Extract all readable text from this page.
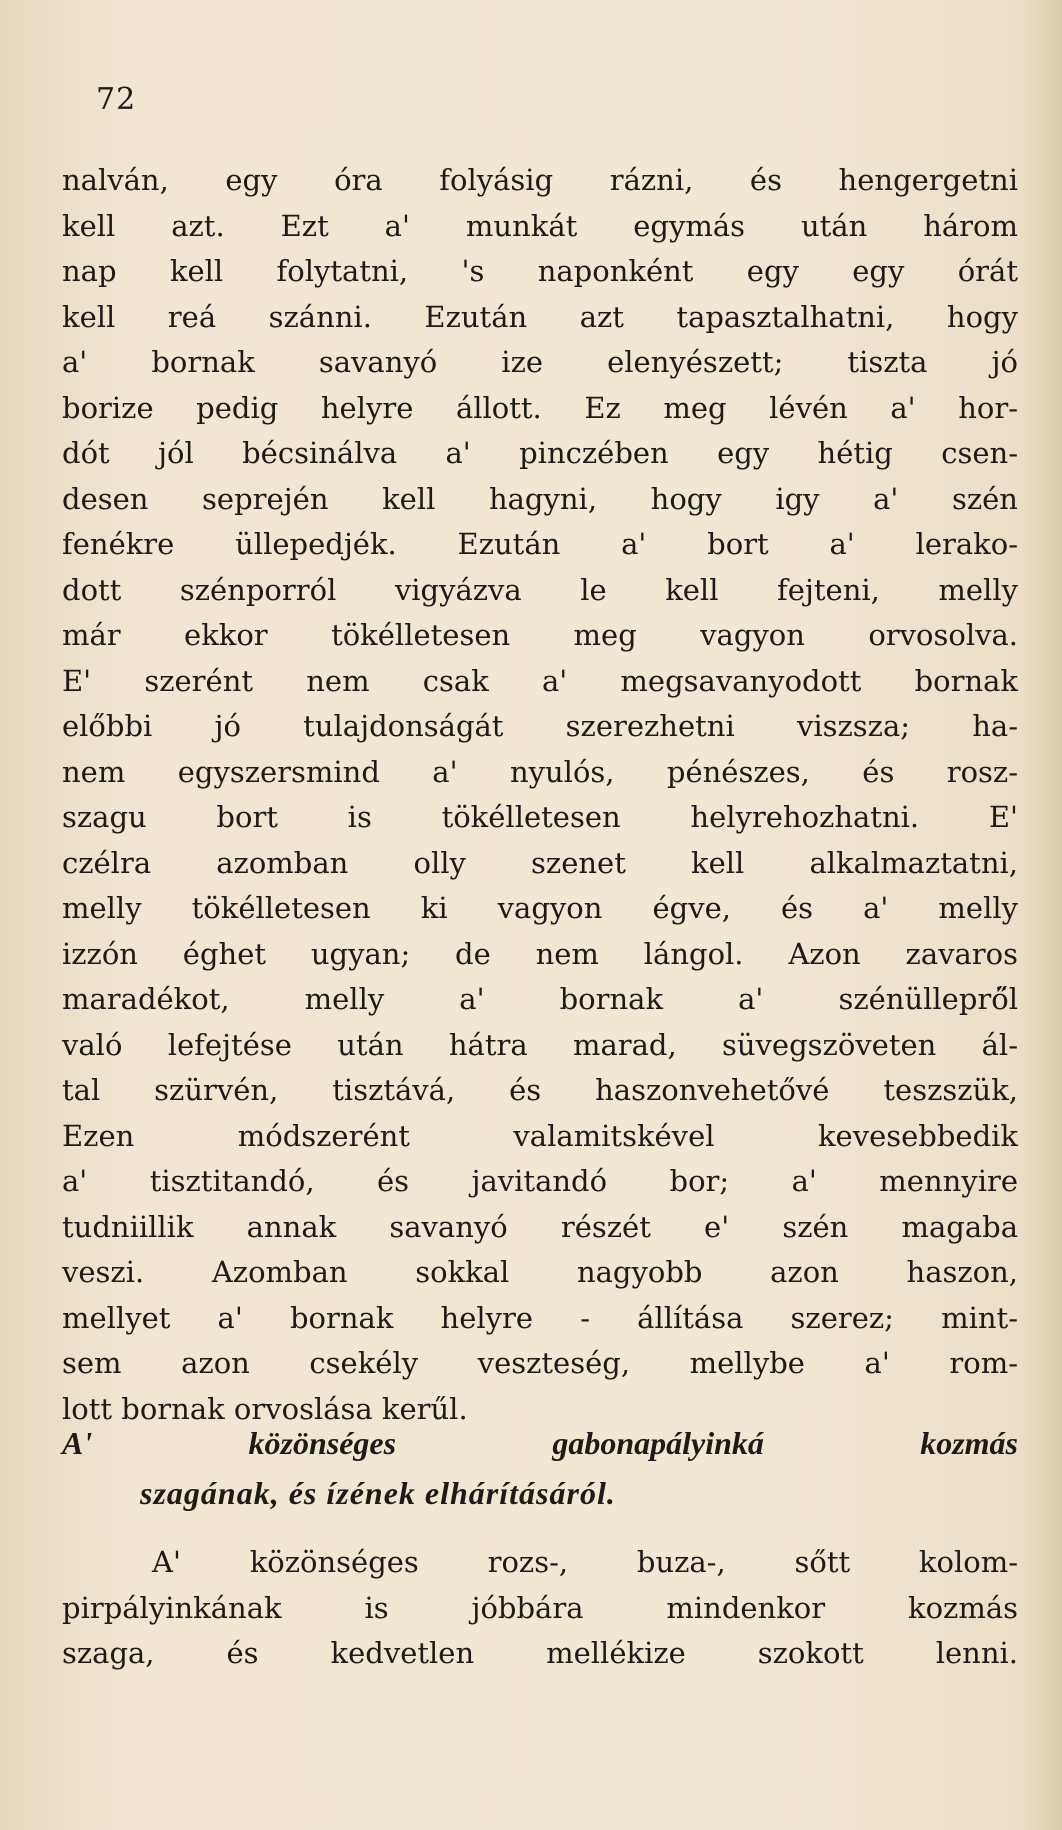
72
nalván, egy óra folyásig rázni, és hengergetni
kell azt. Ezt a' munkát egymás után három
nap kell folytatni, 's naponként egy egy órát
kell reá szánni. Ezután azt tapasztalhatni, hogy
a' bornak savanyó ize elenyészett; tiszta jó
borize pedig helyre állott. Ez meg lévén a' hor-
dót jól bécsinálva a' pinczében egy hétig csen-
desen seprején kell hagyni, hogy igy a' szén
fenékre üllepedjék. Ezután a' bort a' lerako-
dott szénporról vigyázva le kell fejteni, melly
már ekkor tökélletesen meg vagyon orvosolva.
E' szerént nem csak a' megsavanyodott bornak
előbbi jó tulajdonságát szerezhetni viszsza; ha-
nem egyszersmind a' nyulós, pénészes, és rosz-
szagu bort is tökélletesen helyrehozhatni. E'
czélra azomban olly szenet kell alkalmaztatni,
melly tökélletesen ki vagyon égve, és a' melly
izzón éghet ugyan; de nem lángol. Azon zavaros
maradékot, melly a' bornak a' szénülleprő̈l
való lefejtése után hátra marad, süvegszöveten ál-
tal szürvén, tisztává, és haszonvehetővé teszszük,
Ezen módszerént valamitskével kevesebbedik
a' tisztitandó, és javitandó bor; a' mennyire
tudniillik annak savanyó részét e' szén magaba
veszi. Azomban sokkal nagyobb azon haszon,
mellyet a' bornak helyre - állítása szerez; mint-
sem azon csekély veszteség, mellybe a' rom-
lott bornak orvoslása kerűl.
A' közönséges gabonapályinká kozmás
szagának, és ízének elhárításáról.
A' közönséges rozs-, buza-, sőtt kolom-
pirpályinkának is jóbbára mindenkor kozmás
szaga, és kedvetlen mellékize szokott lenni.
